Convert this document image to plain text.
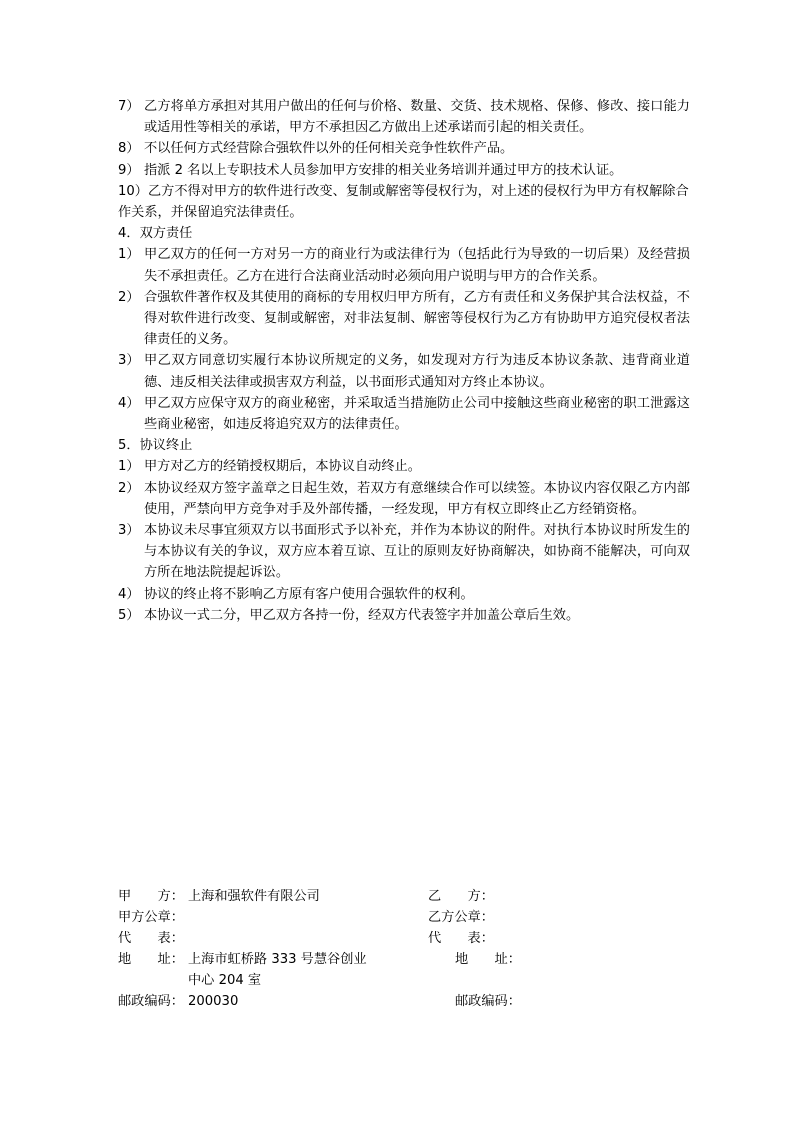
7） 乙方将单方承担对其用户做出的任何与价格、数量、交货、技术规格、保修、修改、接口能力或适用性等相关的承诺，甲方不承担因乙方做出上述承诺而引起的相关责任。
8） 不以任何方式经营除合强软件以外的任何相关竞争性软件产品。
9） 指派 2 名以上专职技术人员参加甲方安排的相关业务培训并通过甲方的技术认证。
10）乙方不得对甲方的软件进行改变、复制或解密等侵权行为，对上述的侵权行为甲方有权解除合作关系，并保留追究法律责任。
4．双方责任
1） 甲乙双方的任何一方对另一方的商业行为或法律行为（包括此行为导致的一切后果）及经营损失不承担责任。乙方在进行合法商业活动时必须向用户说明与甲方的合作关系。
2） 合强软件著作权及其使用的商标的专用权归甲方所有，乙方有责任和义务保护其合法权益，不得对软件进行改变、复制或解密，对非法复制、解密等侵权行为乙方有协助甲方追究侵权者法律责任的义务。
3） 甲乙双方同意切实履行本协议所规定的义务，如发现对方行为违反本协议条款、违背商业道德、违反相关法律或损害双方利益，以书面形式通知对方终止本协议。
4） 甲乙双方应保守双方的商业秘密，并采取适当措施防止公司中接触这些商业秘密的职工泄露这些商业秘密，如违反将追究双方的法律责任。
5．协议终止
1） 甲方对乙方的经销授权期后，本协议自动终止。
2） 本协议经双方签字盖章之日起生效，若双方有意继续合作可以续签。本协议内容仅限乙方内部使用，严禁向甲方竞争对手及外部传播，一经发现，甲方有权立即终止乙方经销资格。
3） 本协议未尽事宜须双方以书面形式予以补充，并作为本协议的附件。对执行本协议时所发生的与本协议有关的争议，双方应本着互谅、互让的原则友好协商解决，如协商不能解决，可向双方所在地法院提起诉讼。
4） 协议的终止将不影响乙方原有客户使用合强软件的权利。
5） 本协议一式二分，甲乙双方各持一份，经双方代表签字并加盖公章后生效。
甲　　方： 上海和强软件有限公司	乙　　方：
甲方公章：	乙方公章：
代　　表：	代　　表：
地　　址： 上海市虹桥路 333 号慧谷创业	地　　址：
中心 204 室
邮政编码： 200030	邮政编码：
